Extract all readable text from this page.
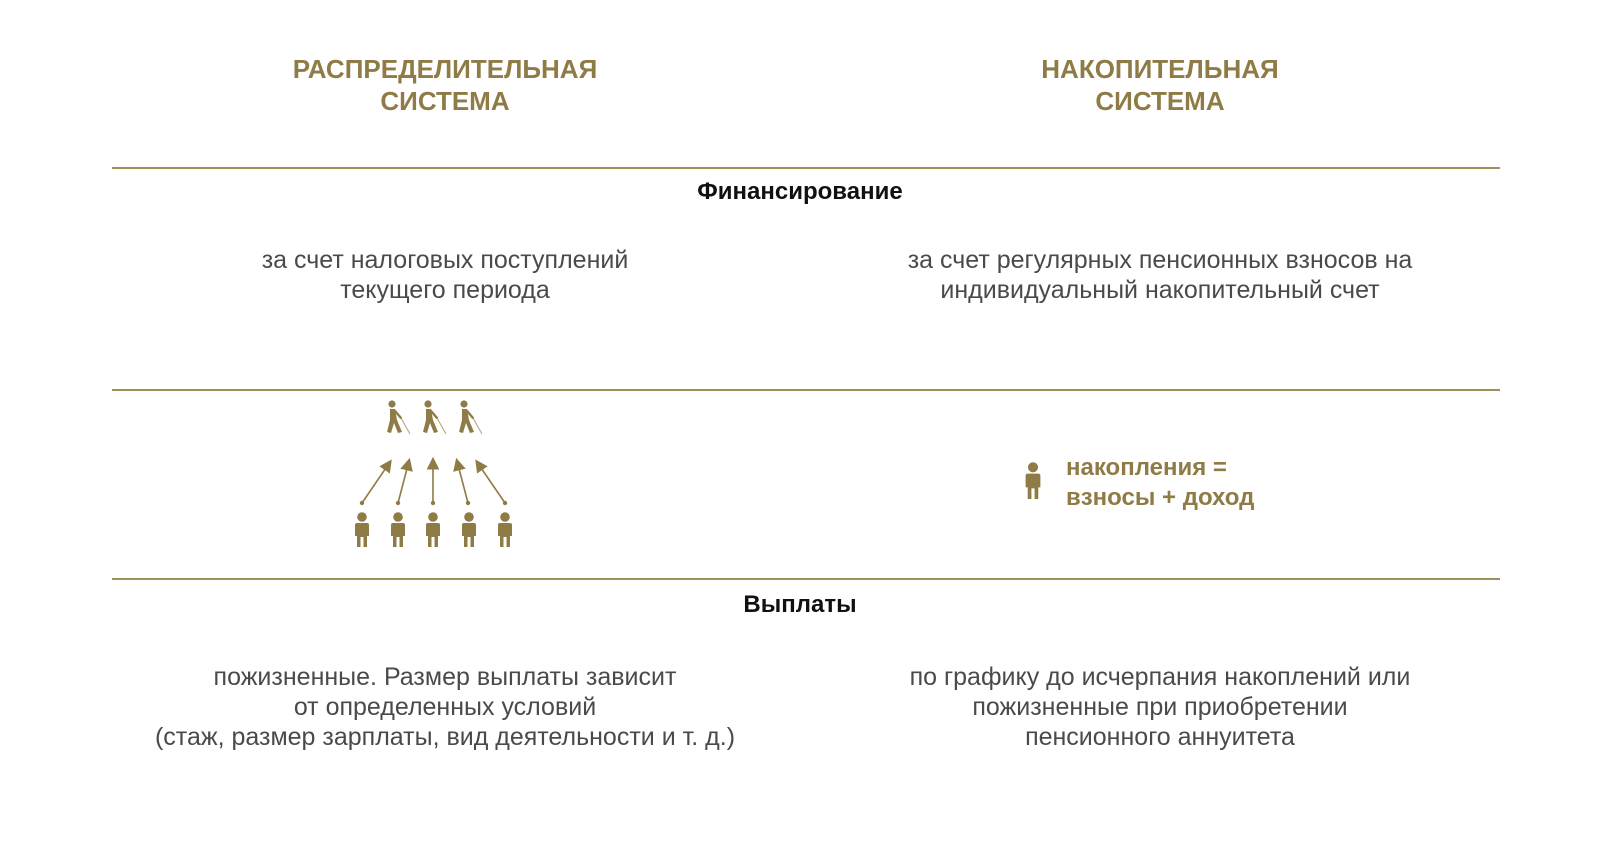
РАСПРЕДЕЛИТЕЛЬНАЯ
СИСТЕМА
НАКОПИТЕЛЬНАЯ
СИСТЕМА
Финансирование
за счет налоговых поступлений
текущего периода
за счет регулярных пенсионных взносов на
индивидуальный накопительный счет
накопления =
взносы + доход
Выплаты
пожизненные. Размер выплаты зависит
от определенных условий
(стаж, размер зарплаты, вид деятельности и т. д.)
по графику до исчерпания накоплений или
пожизненные при приобретении
пенсионного аннуитета
